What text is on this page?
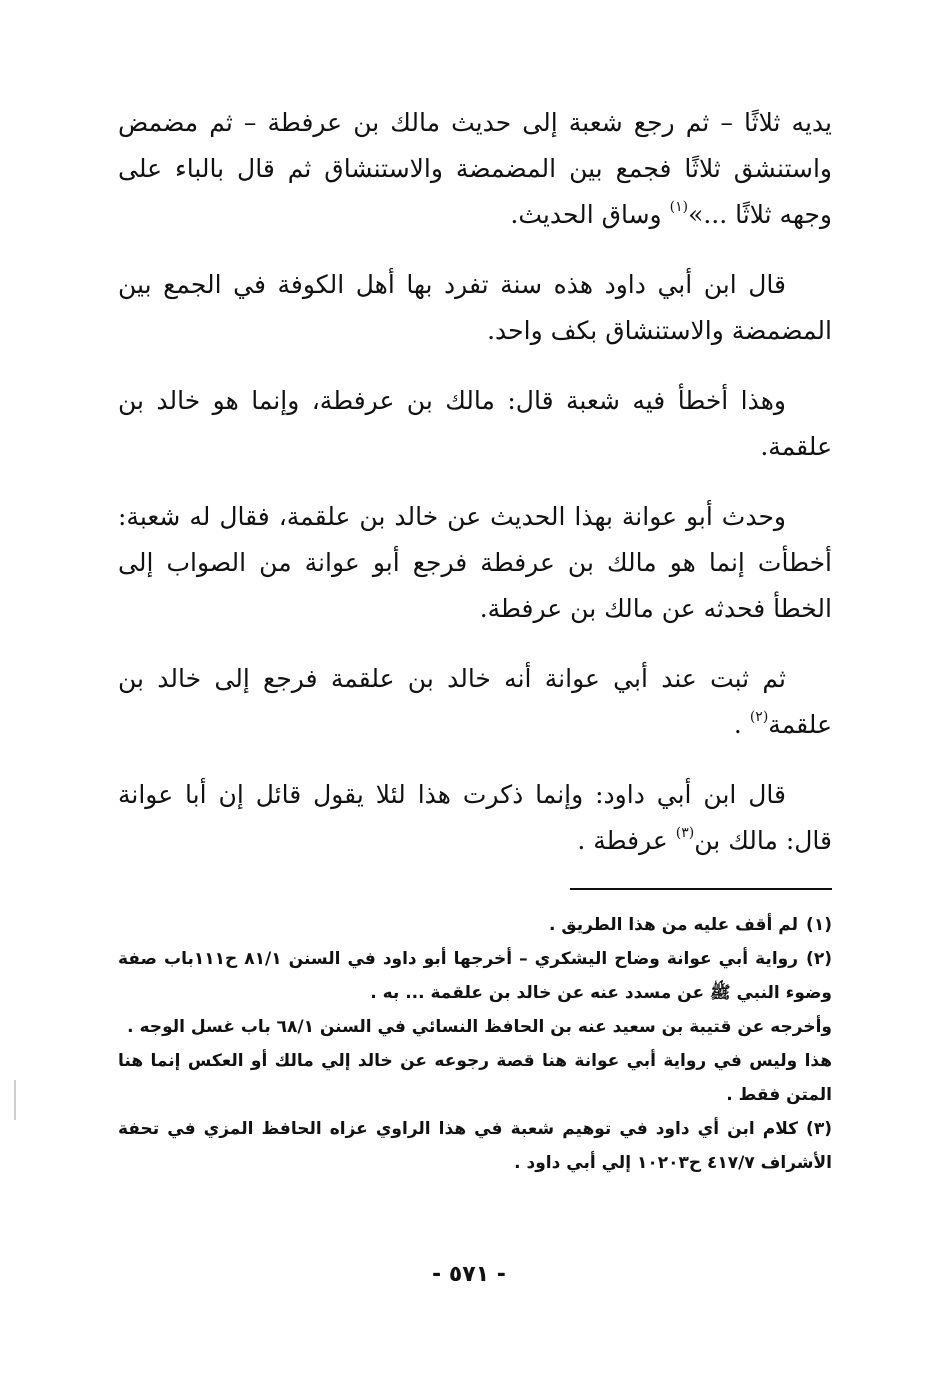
يديه ثلاثًا – ثم رجع شعبة إلى حديث مالك بن عرفطة – ثم مضمض واستنشق ثلاثًا فجمع بين المضمضة والاستنشاق ثم قال بالباء على وجهه ثلاثًا ...»$^{(١)}$ وساق الحديث.

قال ابن أبي داود هذه سنة تفرد بها أهل الكوفة في الجمع بين المضمضة والاستنشاق بكف واحد.

وهذا أخطأ فيه شعبة قال: مالك بن عرفطة، وإنما هو خالد بن علقمة.

وحدث أبو عوانة بهذا الحديث عن خالد بن علقمة، فقال له شعبة: أخطأت إنما هو مالك بن عرفطة فرجع أبو عوانة من الصواب إلى الخطأ فحدثه عن مالك بن عرفطة.

ثم ثبت عند أبي عوانة أنه خالد بن علقمة فرجع إلى خالد بن علقمة$^{(٢)}$ .

قال ابن أبي داود: وإنما ذكرت هذا لئلا يقول قائل إن أبا عوانة قال: مالك بن$^{(٣)}$ عرفطة .

(١)لم أقف عليه من هذا الطريق .

(٢)رواية أبي عوانة وضاح اليشكري – أخرجها أبو داود في السنن ٨١/١ ح١١١باب صفة وضوء النبي ﷺ عن مسدد عنه عن خالد بن علقمة ... به .

وأخرجه عن قتيبة بن سعيد عنه بن الحافظ النسائي في السنن ٦٨/١ باب غسل الوجه .

هذا وليس في رواية أبي عوانة هنا قصة رجوعه عن خالد إلي مالك أو العكس إنما هنا المتن فقط .

(٣)كلام ابن أي داود في توهيم شعبة في هذا الراوي عزاه الحافظ المزي في تحفة الأشراف ٤١٧/٧ ح١٠٢٠٣ إلي أبي داود .

- ٥٧١ -
